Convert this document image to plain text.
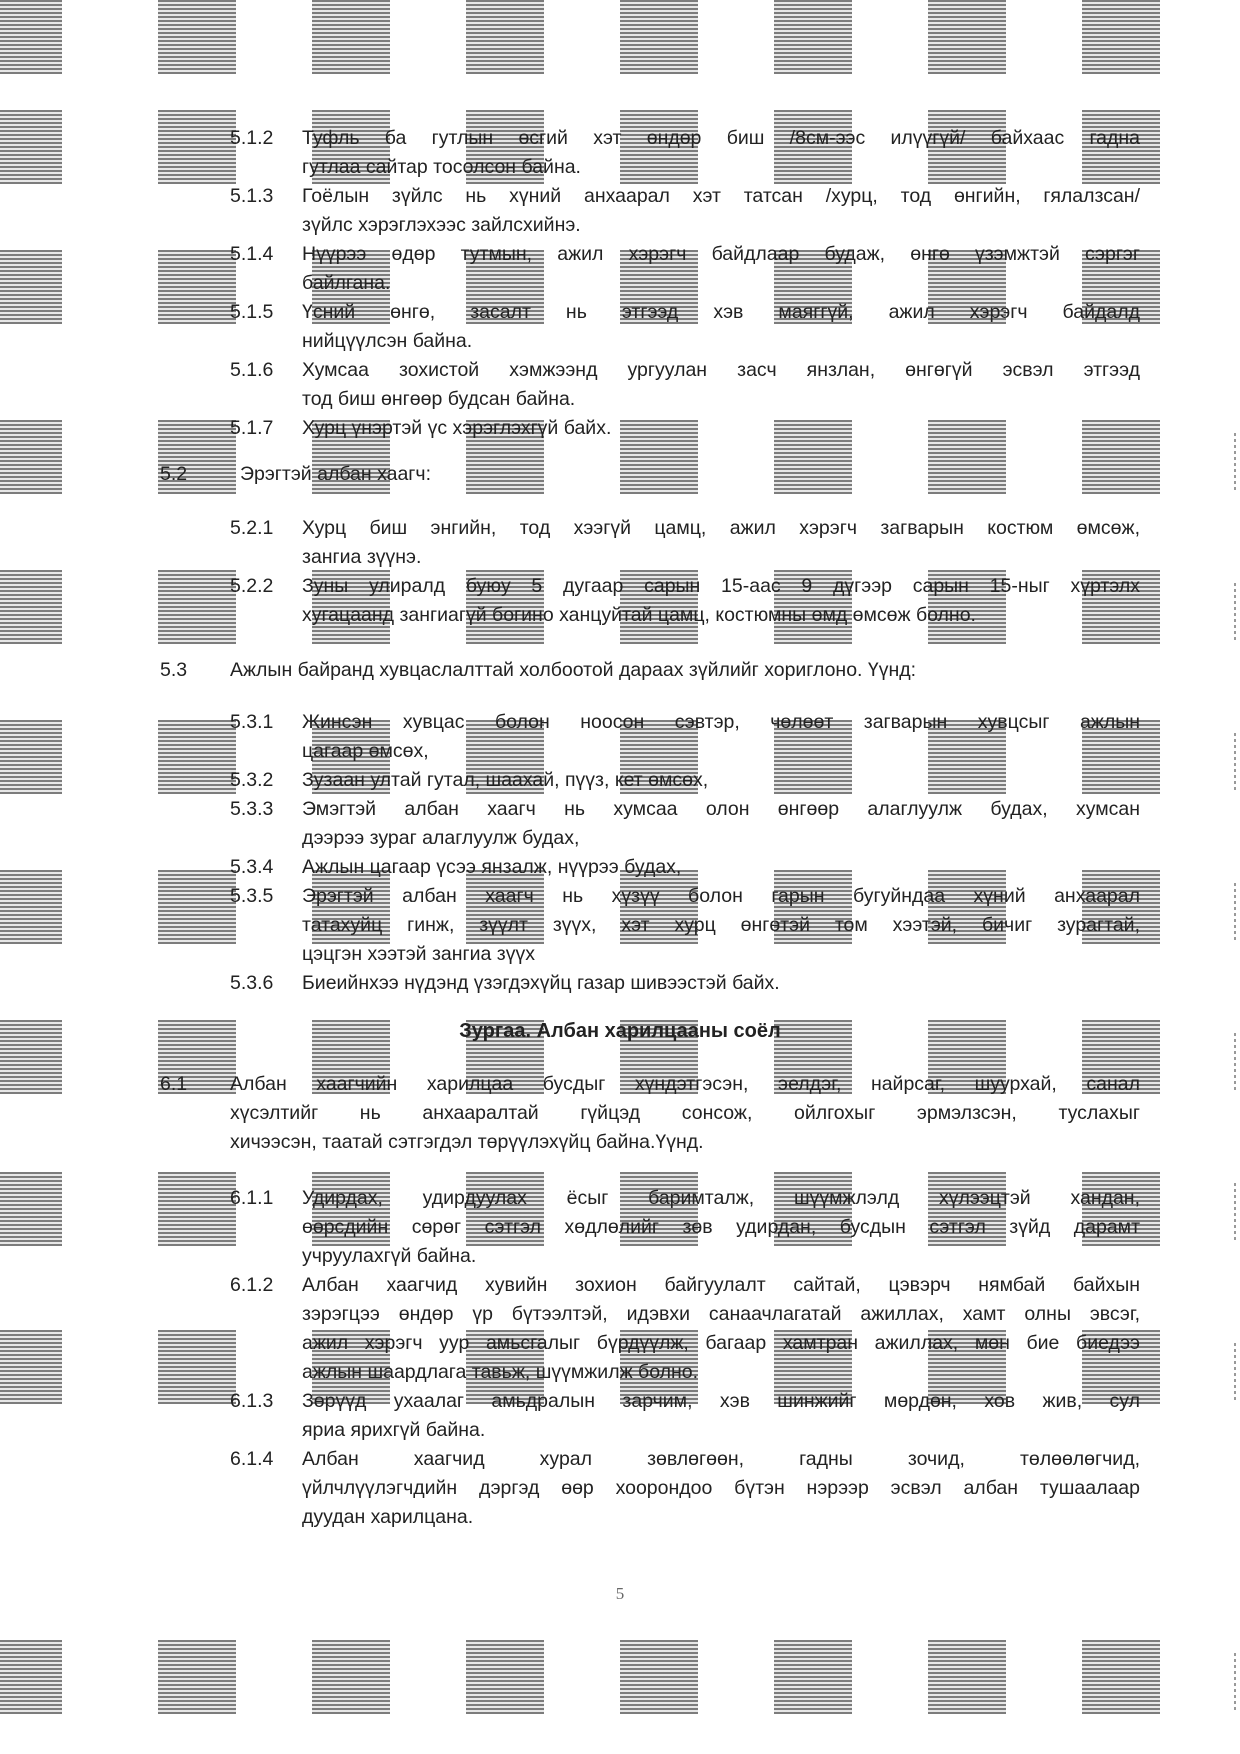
5.1.2	Туфль ба гутлын өсгий хэт өндөр биш /8см-ээс илүүгүй/ байхаас гадна
гутлаа сайтар тосолсон байна.
5.1.3	Гоёлын зүйлс нь хүний анхаарал хэт татсан /хурц, тод өнгийн, гялалзсан/
зүйлс хэрэглэхээс зайлсхийнэ.
5.1.4	Нүүрээ өдөр тутмын, ажил хэрэгч байдлаар будаж, өнгө үзэмжтэй сэргэг
байлгана.
5.1.5	Үсний өнгө, засалт нь этгээд хэв маяггүй, ажил хэрэгч байдалд
нийцүүлсэн байна.
5.1.6	Хумсаа зохистой хэмжээнд ургуулан засч янзлан, өнгөгүй эсвэл этгээд
тод биш өнгөөр будсан байна.
5.1.7	Хурц үнэртэй үс хэрэглэхгүй байх.
5.2	Эрэгтэй албан хаагч:
5.2.1	Хурц биш энгийн, тод хээгүй цамц, ажил хэрэгч загварын костюм өмсөж,
зангиа зүүнэ.
5.2.2	Зуны улиралд буюу 5 дугаар сарын 15-аас 9 дүгээр сарын 15-ныг хүртэлх
хугацаанд зангиагүй богино ханцуйтай цамц, костюмны өмд өмсөж болно.
5.3 Ажлын байранд хувцаслалттай холбоотой дараах зүйлийг хориглоно. Үүнд:
5.3.1	Жинсэн хувцас болон ноосон сэвтэр, чөлөөт загварын хувцсыг ажлын
цагаар өмсөх,
5.3.2	Зузаан ултай гутал, шаахай, пүүз, кет өмсөх,
5.3.3	Эмэгтэй албан хаагч нь хумсаа олон өнгөөр алаглуулж будах, хумсан
дээрээ зураг алаглуулж будах,
5.3.4	Ажлын цагаар үсээ янзалж, нүүрээ будах,
5.3.5	Эрэгтэй албан хаагч нь хүзүү болон гарын бугуйндаа хүний анхаарал
татахуйц гинж, зүүлт зүүх, хэт хурц өнгөтэй том хээтэй, бичиг зурагтай,
цэцгэн хээтэй зангиа зүүх
5.3.6	Биеийнхээ нүдэнд үзэгдэхүйц газар шивээстэй байх.
Зургаа. Албан харилцааны соёл
6.1 Албан хаагчийн харилцаа бусдыг хүндэтгэсэн, эелдэг, найрсаг, шуурхай, санал
хүсэлтийг нь анхааралтай гүйцэд сонсож, ойлгохыг эрмэлзсэн, туслахыг
хичээсэн, таатай сэтгэгдэл төрүүлэхүйц байна.Үүнд.
6.1.1	Удирдах, удирдуулах ёсыг баримталж, шүүмжлэлд хүлээцтэй хандан,
өөрсдийн сөрөг сэтгэл хөдлөлийг зөв удирдан, бусдын сэтгэл зүйд дарамт
учруулахгүй байна.
6.1.2	Албан хаагчид хувийн зохион байгуулалт сайтай, цэвэрч нямбай байхын
зэрэгцээ өндөр үр бүтээлтэй, идэвхи санаачлагатай ажиллах, хамт олны эвсэг,
ажил хэрэгч уур амьсгалыг бүрдүүлж, багаар хамтран ажиллах, мөн бие биедээ
ажлын шаардлага тавьж, шүүмжилж болно.
6.1.3	Зөрүүд ухаалаг амьдралын зарчим, хэв шинжийг мөрдөн, хов жив, сул
яриа ярихгүй байна.
6.1.4	Албан хаагчид хурал зөвлөгөөн, гадны зочид, төлөөлөгчид,
үйлчлүүлэгчдийн дэргэд өөр хоорондоо бүтэн нэрээр эсвэл албан тушаалаар
дуудан харилцана.
5
